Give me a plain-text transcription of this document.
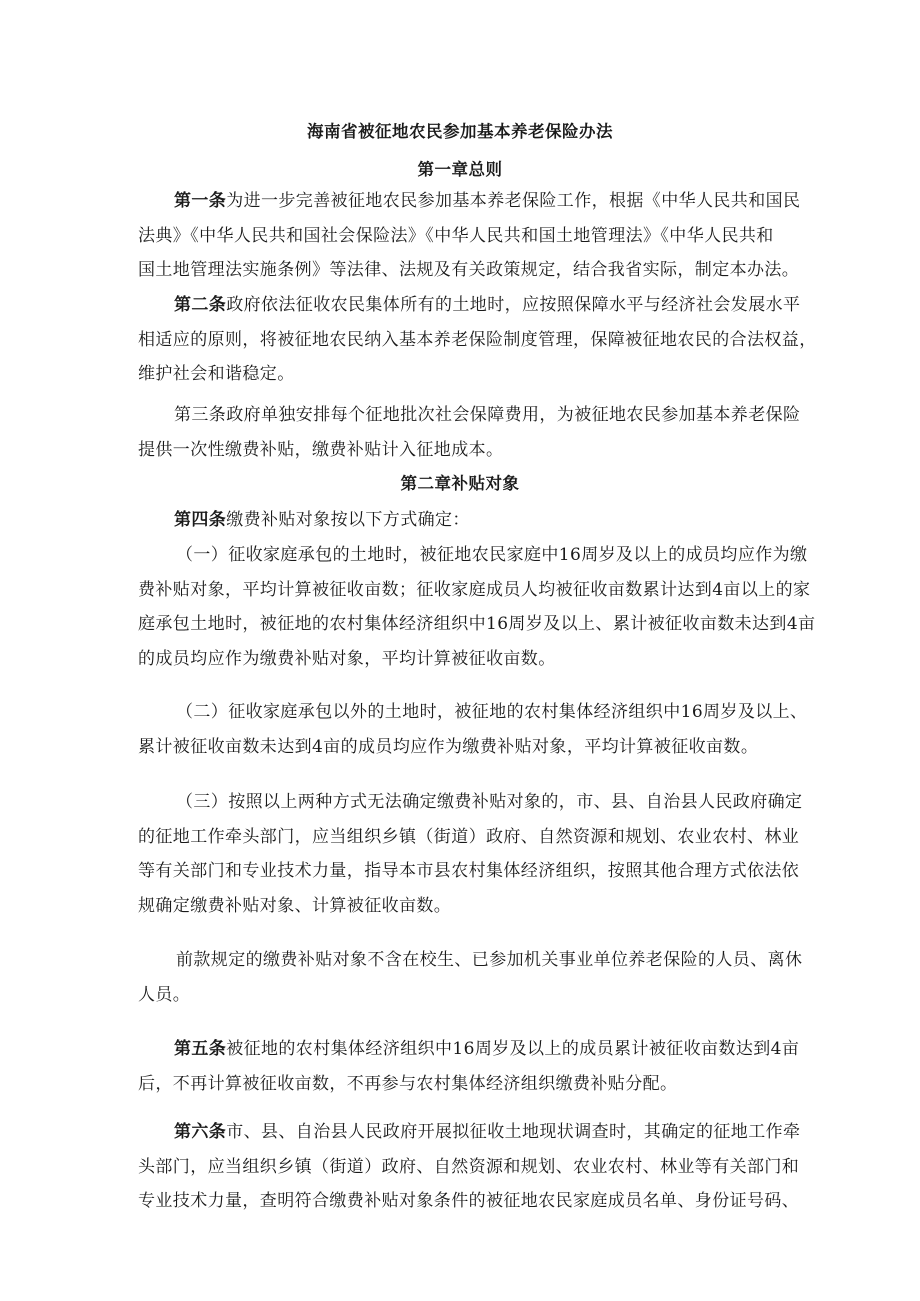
海南省被征地农民参加基本养老保险办法
第一章总则
第一条为进一步完善被征地农民参加基本养老保险工作，根据《中华人民共和国民
法典》《中华人民共和国社会保险法》《中华人民共和国土地管理法》《中华人民共和
国土地管理法实施条例》等法律、法规及有关政策规定，结合我省实际，制定本办法。
第二条政府依法征收农民集体所有的土地时，应按照保障水平与经济社会发展水平
相适应的原则，将被征地农民纳入基本养老保险制度管理，保障被征地农民的合法权益，
维护社会和谐稳定。
第三条政府单独安排每个征地批次社会保障费用，为被征地农民参加基本养老保险
提供一次性缴费补贴，缴费补贴计入征地成本。
第二章补贴对象
第四条缴费补贴对象按以下方式确定：
（一）征收家庭承包的土地时，被征地农民家庭中16周岁及以上的成员均应作为缴
费补贴对象，平均计算被征收亩数；征收家庭成员人均被征收亩数累计达到4亩以上的家
庭承包土地时，被征地的农村集体经济组织中16周岁及以上、累计被征收亩数未达到4亩
的成员均应作为缴费补贴对象，平均计算被征收亩数。
（二）征收家庭承包以外的土地时，被征地的农村集体经济组织中16周岁及以上、
累计被征收亩数未达到4亩的成员均应作为缴费补贴对象，平均计算被征收亩数。
（三）按照以上两种方式无法确定缴费补贴对象的，市、县、自治县人民政府确定
的征地工作牵头部门，应当组织乡镇（街道）政府、自然资源和规划、农业农村、林业
等有关部门和专业技术力量，指导本市县农村集体经济组织，按照其他合理方式依法依
规确定缴费补贴对象、计算被征收亩数。
前款规定的缴费补贴对象不含在校生、已参加机关事业单位养老保险的人员、离休
人员。
第五条被征地的农村集体经济组织中16周岁及以上的成员累计被征收亩数达到4亩
后，不再计算被征收亩数，不再参与农村集体经济组织缴费补贴分配。
第六条市、县、自治县人民政府开展拟征收土地现状调查时，其确定的征地工作牵
头部门，应当组织乡镇（街道）政府、自然资源和规划、农业农村、林业等有关部门和
专业技术力量，查明符合缴费补贴对象条件的被征地农民家庭成员名单、身份证号码、
